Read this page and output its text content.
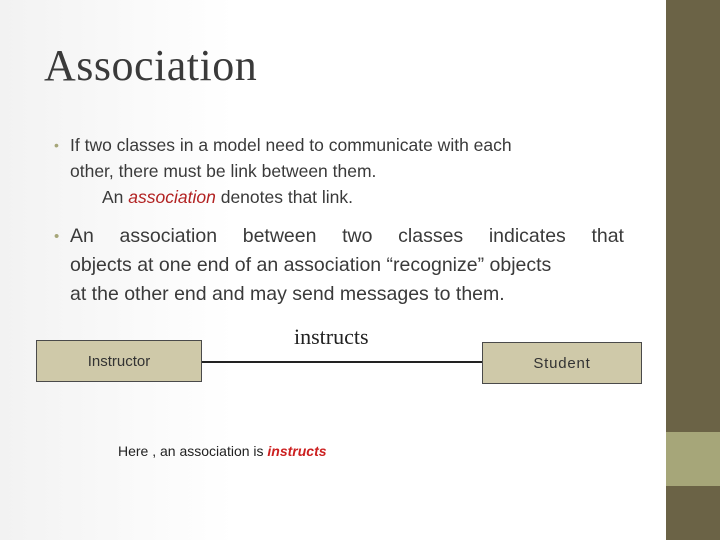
Association
• If two classes in a model need to communicate with each
other, there must be link between them.
An association denotes that link.
• An association between two classes indicates that
objects at one end of an association “recognize” objects
at the other end and may send messages to them.
Instructor
instructs
Student
Here , an association is instructs
